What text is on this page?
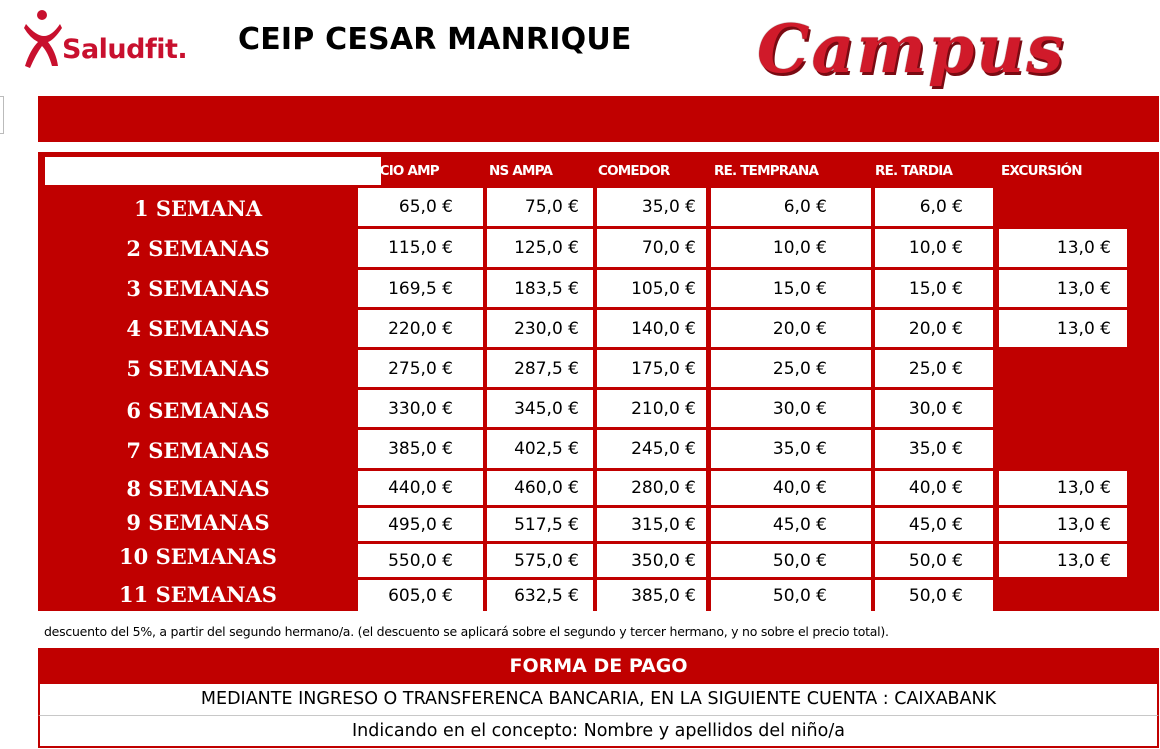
Saludfit. CEIP CESAR MANRIQUE Campus
SOCIO AMP	NS AMPA	COMEDOR	RE. TEMPRANA	RE. TARDIA	EXCURSIÓN
1 SEMANA	65,0 €	75,0 €	35,0 €	6,0 €	6,0 €
2 SEMANAS	115,0 €	125,0 €	70,0 €	10,0 €	10,0 €	13,0 €
3 SEMANAS	169,5 €	183,5 €	105,0 €	15,0 €	15,0 €	13,0 €
4 SEMANAS	220,0 €	230,0 €	140,0 €	20,0 €	20,0 €	13,0 €
5 SEMANAS	275,0 €	287,5 €	175,0 €	25,0 €	25,0 €
6 SEMANAS	330,0 €	345,0 €	210,0 €	30,0 €	30,0 €
7 SEMANAS	385,0 €	402,5 €	245,0 €	35,0 €	35,0 €
8 SEMANAS	440,0 €	460,0 €	280,0 €	40,0 €	40,0 €	13,0 €
9 SEMANAS	495,0 €	517,5 €	315,0 €	45,0 €	45,0 €	13,0 €
10 SEMANAS	550,0 €	575,0 €	350,0 €	50,0 €	50,0 €	13,0 €
11 SEMANAS	605,0 €	632,5 €	385,0 €	50,0 €	50,0 €
descuento del 5%, a partir del segundo hermano/a. (el descuento se aplicará sobre el segundo y tercer hermano, y no sobre el precio total).
FORMA DE PAGO
MEDIANTE INGRESO O TRANSFERENCA BANCARIA, EN LA SIGUIENTE CUENTA : CAIXABANK
Indicando en el concepto: Nombre y apellidos del niño/a
